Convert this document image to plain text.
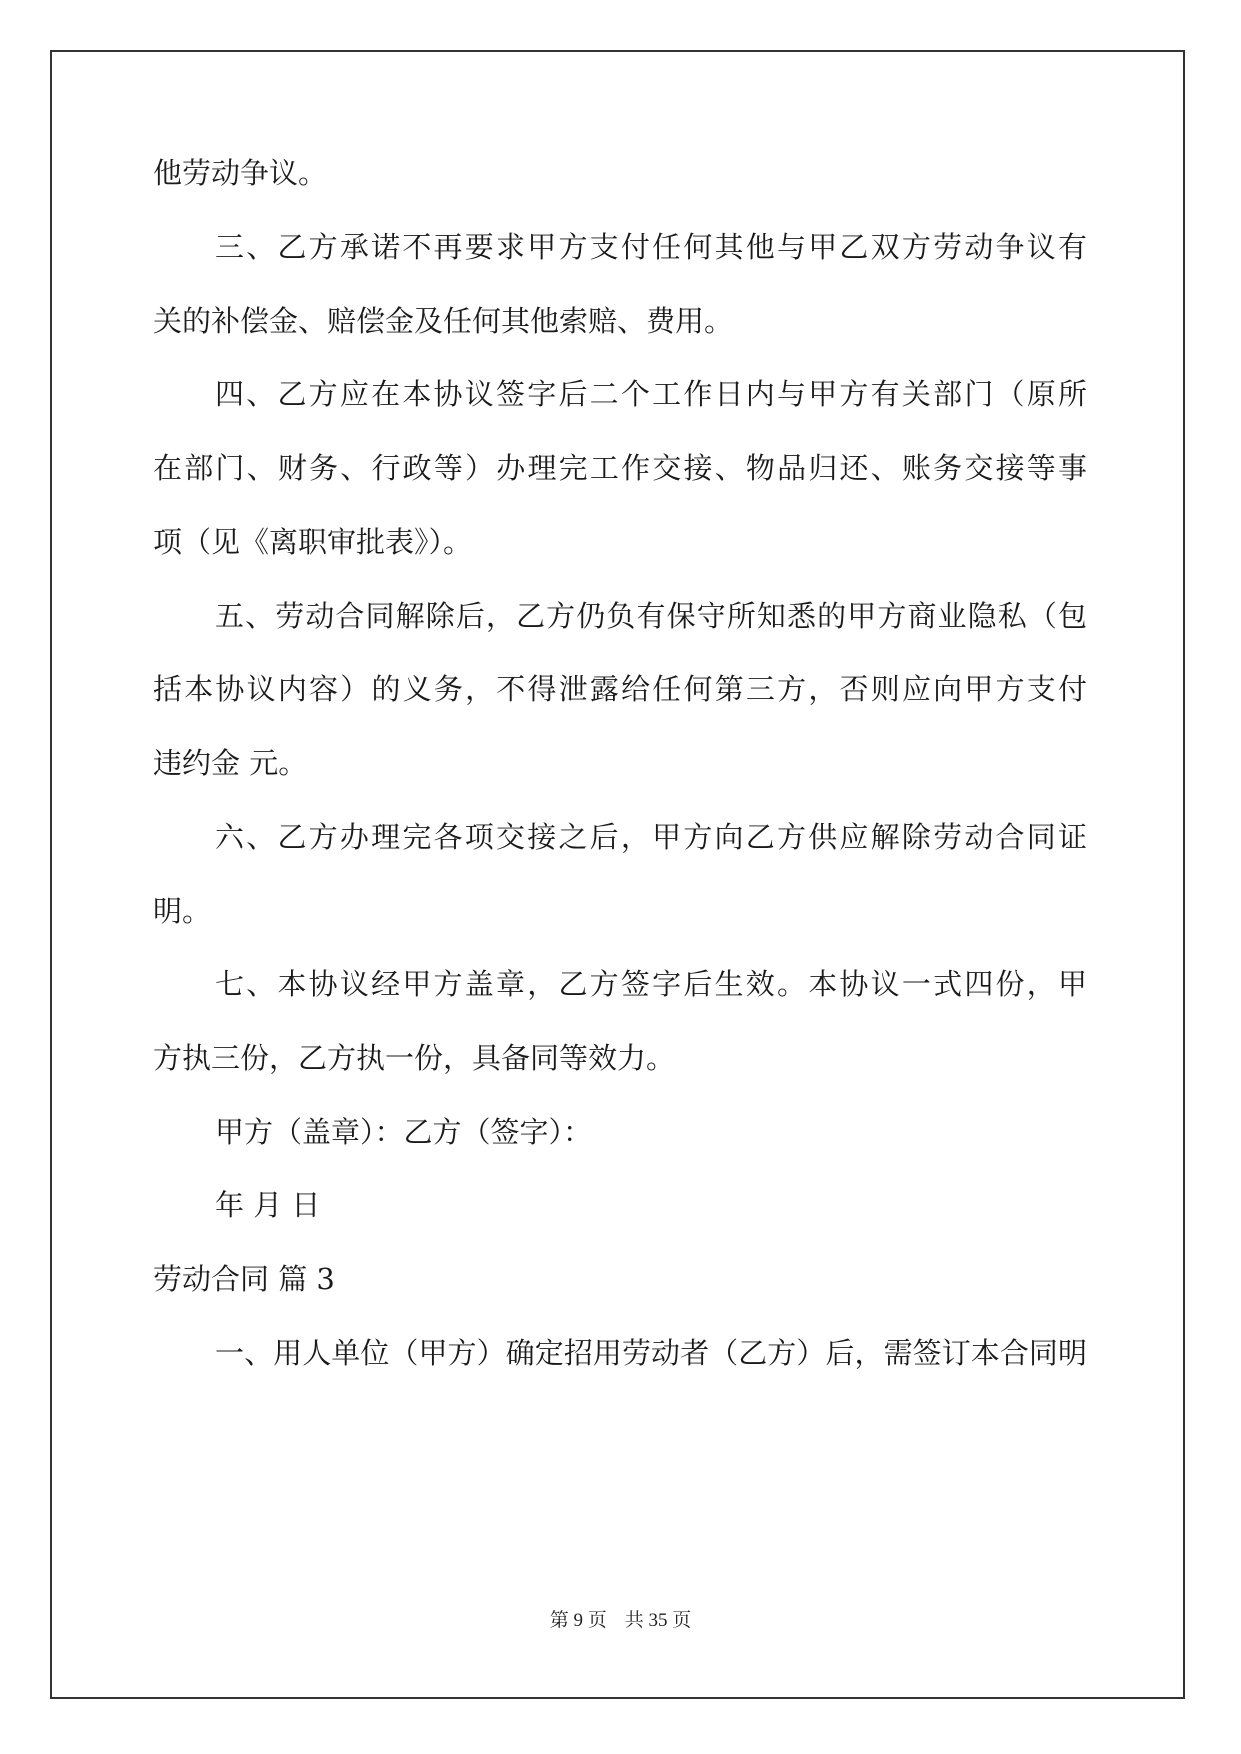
他劳动争议。
三、乙方承诺不再要求甲方支付任何其他与甲乙双方劳动争议有
关的补偿金、赔偿金及任何其他索赔、费用。
四、乙方应在本协议签字后二个工作日内与甲方有关部门（原所
在部门、财务、行政等）办理完工作交接、物品归还、账务交接等事
项（见《离职审批表》）。
五、劳动合同解除后，乙方仍负有保守所知悉的甲方商业隐私（包
括本协议内容）的义务，不得泄露给任何第三方，否则应向甲方支付
违约金 元。
六、乙方办理完各项交接之后，甲方向乙方供应解除劳动合同证
明。
七、本协议经甲方盖章，乙方签字后生效。本协议一式四份，甲
方执三份，乙方执一份，具备同等效力。
甲方（盖章）：乙方（签字）：
年 月 日
劳动合同 篇 3
一、用人单位（甲方）确定招用劳动者（乙方）后，需签订本合同明
第 9 页 共 35 页
